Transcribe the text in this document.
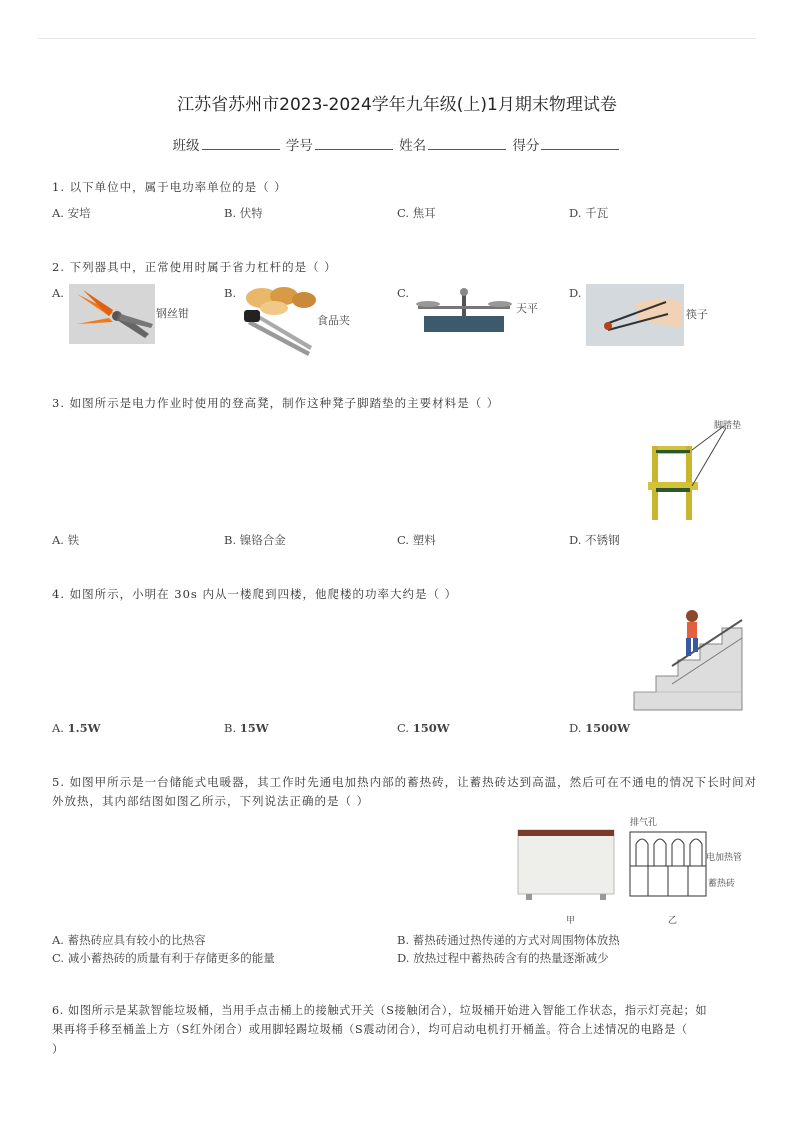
江苏省苏州市2023-2024学年九年级(上)1月期末物理试卷
班级	学号	姓名	得分
1. 以下单位中，属于电功率单位的是（ ）
A. 安培	B. 伏特	C. 焦耳	D. 千瓦
2. 下列器具中，正常使用时属于省力杠杆的是（ ）
A.
钢丝钳
B.
食品夹
C.
天平
D.
筷子
3. 如图所示是电力作业时使用的登高凳，制作这种凳子脚踏垫的主要材料是（ ）
脚踏垫
A. 铁	B. 镍铬合金	C. 塑料	D. 不锈钢
4. 如图所示，小明在 30s 内从一楼爬到四楼，他爬楼的功率大约是（ ）
A. 1.5W	B. 15W	C. 150W	D. 1500W
5. 如图甲所示是一台储能式电暖器，其工作时先通电加热内部的蓄热砖，让蓄热砖达到高温，然后可在不通电的情况下长时间对
外放热，其内部结图如图乙所示，下列说法正确的是（ ）
排气孔
电加热管
蓄热砖
甲	乙
A. 蓄热砖应具有较小的比热容	B. 蓄热砖通过热传递的方式对周围物体放热
C. 减小蓄热砖的质量有利于存储更多的能量	D. 放热过程中蓄热砖含有的热量逐渐减少
6. 如图所示是某款智能垃圾桶，当用手点击桶上的接触式开关（S接触闭合），垃圾桶开始进入智能工作状态，指示灯亮起；如
果再将手移至桶盖上方（S红外闭合）或用脚轻踢垃圾桶（S震动闭合），均可启动电机打开桶盖。符合上述情况的电路是（
）
